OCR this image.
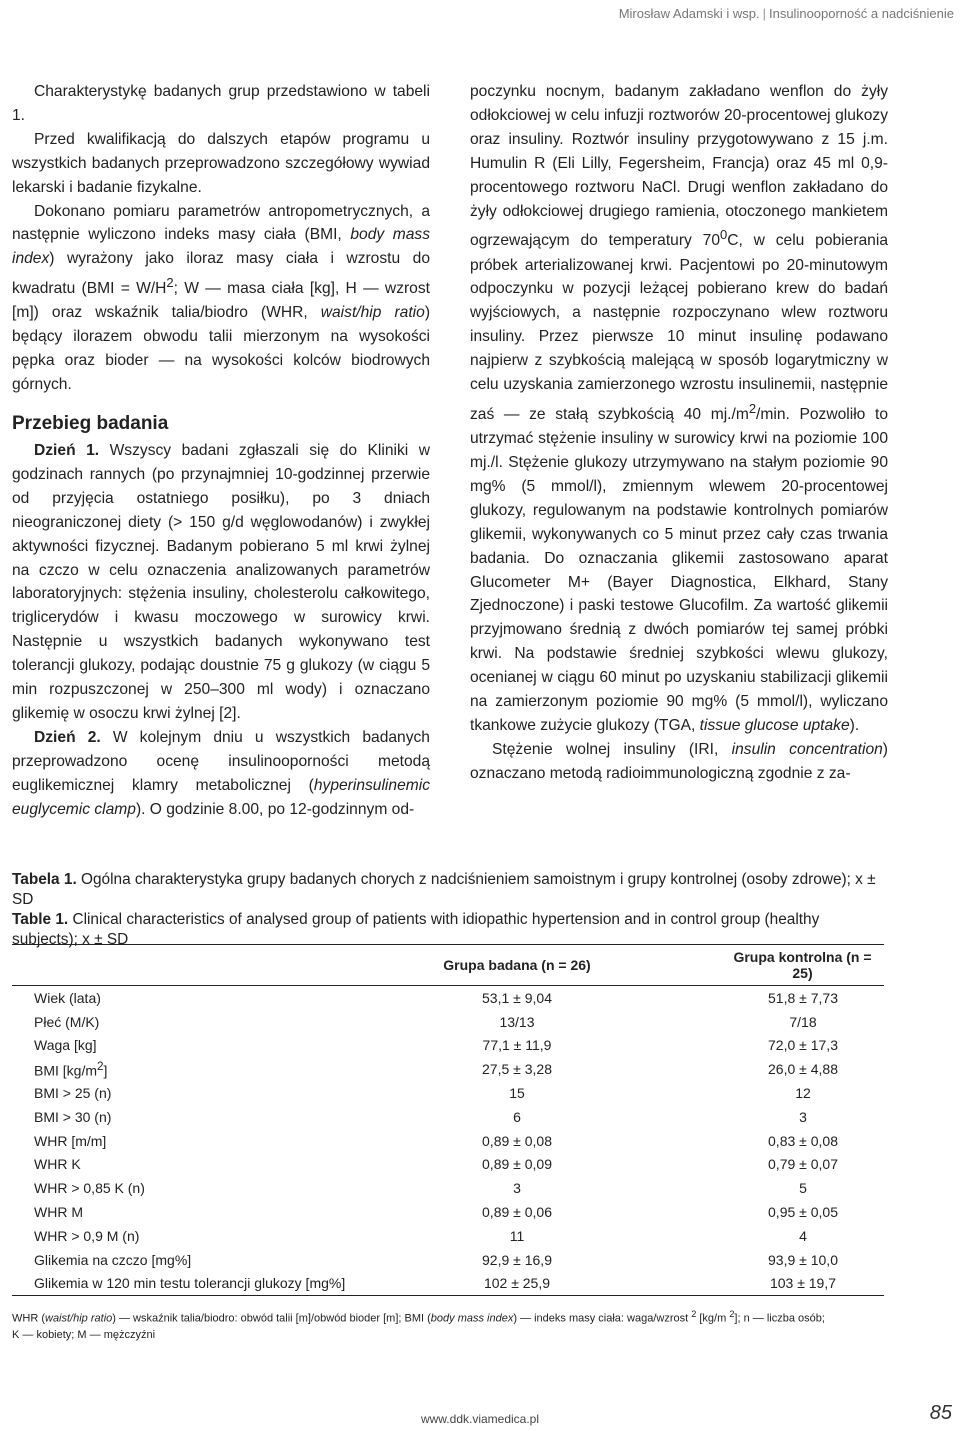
Mirosław Adamski i wsp. | Insulinooporność a nadciśnienie

Charakterystykę badanych grup przedstawiono w tabeli 1.

Przed kwalifikacją do dalszych etapów programu u wszystkich badanych przeprowadzono szczegółowy wywiad lekarski i badanie fizykalne.

Dokonano pomiaru parametrów antropometrycznych, a następnie wyliczono indeks masy ciała (BMI, body mass index) wyrażony jako iloraz masy ciała i wzrostu do kwadratu ($BMI = W/H^2$; W — masa ciała [kg], H — wzrost [m]) oraz wskaźnik talia/biodro (WHR, waist/hip ratio) będący ilorazem obwodu talii mierzonym na wysokości pępka oraz bioder — na wysokości kolców biodrowych górnych.

Przebieg badania

Dzień 1. Wszyscy badani zgłaszali się do Kliniki w godzinach rannych (po przynajmniej 10-godzinnej przerwie od przyjęcia ostatniego posiłku), po 3 dniach nieograniczonej diety (> 150 g/d węglowodanów) i zwykłej aktywności fizycznej. Badanym pobierano 5 ml krwi żylnej na czczo w celu oznaczenia analizowanych parametrów laboratoryjnych: stężenia insuliny, cholesterolu całkowitego, triglicerydów i kwasu moczowego w surowicy krwi. Następnie u wszystkich badanych wykonywano test tolerancji glukozy, podając doustnie 75 g glukozy (w ciągu 5 min rozpuszczonej w 250–300 ml wody) i oznaczano glikemię w osoczu krwi żylnej [2].

Dzień 2. W kolejnym dniu u wszystkich badanych przeprowadzono ocenę insulinooporności metodą euglikemicznej klamry metabolicznej (hyperinsulinemic euglycemic clamp). O godzinie 8.00, po 12-godzinnym od-

poczynku nocnym, badanym zakładano wenflon do żyły odłokciowej w celu infuzji roztworów 20-procentowej glukozy oraz insuliny. Roztwór insuliny przygotowywano z 15 j.m. Humulin R (Eli Lilly, Fegersheim, Francja) oraz 45 ml 0,9-procentowego roztworu NaCl. Drugi wenflon zakładano do żyły odłokciowej drugiego ramienia, otoczonego mankietem ogrzewającym do temperatury $70^0C$, w celu pobierania próbek arterializowanej krwi. Pacjentowi po 20-minutowym odpoczynku w pozycji leżącej pobierano krew do badań wyjściowych, a następnie rozpoczynano wlew roztworu insuliny. Przez pierwsze 10 minut insulinę podawano najpierw z szybkością malejącą w sposób logarytmiczny w celu uzyskania zamierzonego wzrostu insulinemii, następnie zaś — ze stałą szybkością 40 $mj./m^2/\min$. Pozwoliło to utrzymać stężenie insuliny w surowicy krwi na poziomie 100 mj./l. Stężenie glukozy utrzymywano na stałym poziomie 90 mg% (5 mmol/l), zmiennym wlewem 20-procentowej glukozy, regulowanym na podstawie kontrolnych pomiarów glikemii, wykonywanych co 5 minut przez cały czas trwania badania. Do oznaczania glikemii zastosowano aparat Glucometer M+ (Bayer Diagnostica, Elkhard, Stany Zjednoczone) i paski testowe Glucofilm. Za wartość glikemii przyjmowano średnią z dwóch pomiarów tej samej próbki krwi. Na podstawie średniej szybkości wlewu glukozy, ocenianej w ciągu 60 minut po uzyskaniu stabilizacji glikemii na zamierzonym poziomie 90 mg% (5 mmol/l), wyliczano tkankowe zużycie glukozy (TGA, tissue glucose uptake).

Stężenie wolnej insuliny (IRI, insulin concentration) oznaczano metodą radioimmunologiczną zgodnie z za-

Tabela 1. Ogólna charakterystyka grupy badanych chorych z nadciśnieniem samoistnym i grupy kontrolnej (osoby zdrowe); x ± SD
Table 1. Clinical characteristics of analysed group of patients with idiopathic hypertension and in control group (healthy subjects); x ± SD
	Grupa badana (n = 26)	Grupa kontrolna (n = 25)
Wiek (lata)	53,1 ± 9,04	51,8 ± 7,73
Płeć (M/K)	13/13	7/18
Waga [kg]	77,1 ± 11,9	72,0 ± 17,3
BMI $[kg/m^2]$	27,5 ± 3,28	26,0 ± 4,88
BMI > 25 (n)	15	12
BMI > 30 (n)	6	3
WHR [m/m]	0,89 ± 0,08	0,83 ± 0,08
WHR K	0,89 ± 0,09	0,79 ± 0,07
WHR > 0,85 K (n)	3	5
WHR M	0,89 ± 0,06	0,95 ± 0,05
WHR > 0,9 M (n)	11	4
Glikemia na czczo [mg%]	92,9 ± 16,9	93,9 ± 10,0
Glikemia w 120 min testu tolerancji glukozy [mg%]	102 ± 25,9	103 ± 19,7
WHR (waist/hip ratio) — wskaźnik talia/biodro: obwód talii [m]/obwód bioder [m]; BMI (body mass index) — indeks masy ciała: waga/wzrost $^2$ [kg/m $^2$]; n — liczba osób;
K — kobiety; M — mężczyźni
www.ddk.viamedica.pl	85
